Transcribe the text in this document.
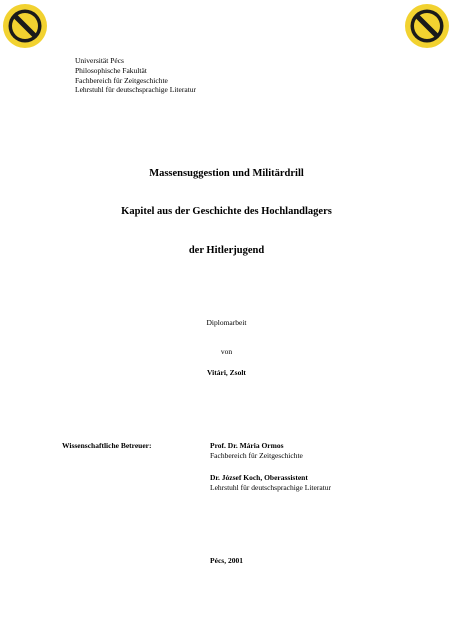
Universität Pécs
Philosophische Fakultät
Fachbereich für Zeitgeschichte
Lehrstuhl für deutschsprachige Literatur
Massensuggestion und Militärdrill
Kapitel aus der Geschichte des Hochlandlagers
der Hitlerjugend
Diplomarbeit
von
Vitári, Zsolt
Wissenschaftliche Betreuer:	Prof. Dr. Mária Ormos
Fachbereich für Zeitgeschichte
Dr. József Koch, Oberassistent
Lehrstuhl für deutschsprachige Literatur
Pécs, 2001
